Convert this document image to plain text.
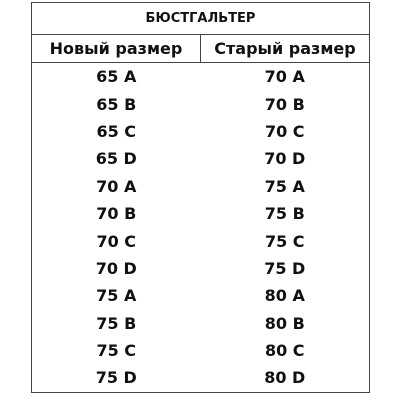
БЮСТГАЛЬТЕР	
Новый размер	Старый размер
65 A	70 A
65 B	70 B
65 C	70 C
65 D	70 D
70 A	75 A
70 B	75 B
70 C	75 C
70 D	75 D
75 A	80 A
75 B	80 B
75 C	80 C
75 D	80 D
